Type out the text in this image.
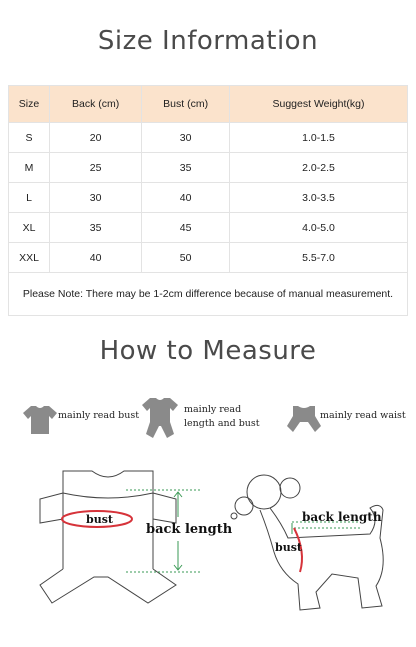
Size Information
Size	Back (cm)	Bust (cm)	Suggest Weight(kg)
S	20	30	1.0-1.5
M	25	35	2.0-2.5
L	30	40	3.0-3.5
XL	35	45	4.0-5.0
XXL	40	50	5.5-7.0
Please Note: There may be 1-2cm difference because of manual measurement.			
How to Measure
mainly read bust
mainly read
length and bust
mainly read waist
bust
back length
back length
bust
